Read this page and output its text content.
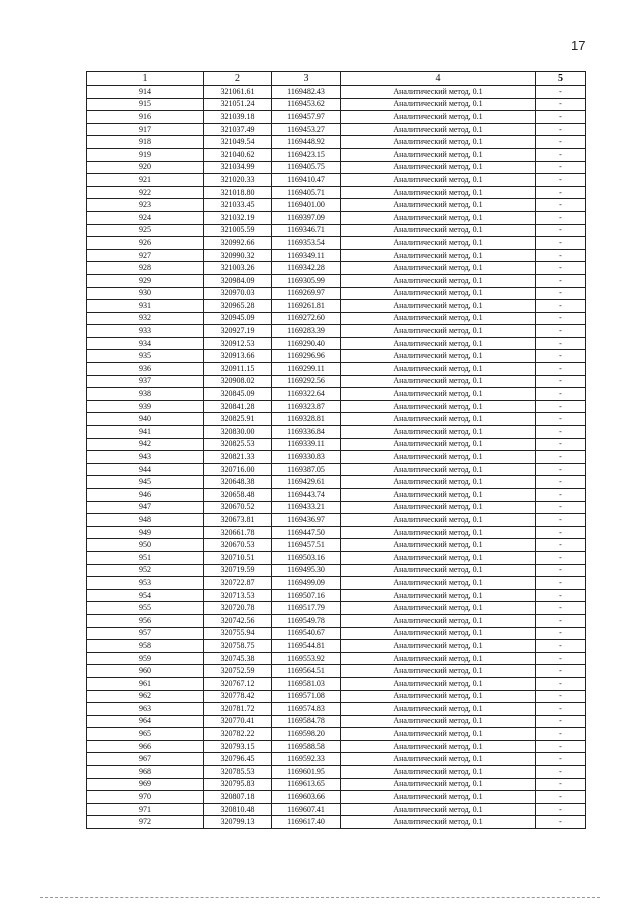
17
1	2	3	4	5
914	321061.61	1169482.43	Аналитический метод, 0.1	-
915	321051.24	1169453.62	Аналитический метод, 0.1	-
916	321039.18	1169457.97	Аналитический метод, 0.1	-
917	321037.49	1169453.27	Аналитический метод, 0.1	-
918	321049.54	1169448.92	Аналитический метод, 0.1	-
919	321040.62	1169423.15	Аналитический метод, 0.1	-
920	321034.99	1169405.75	Аналитический метод, 0.1	-
921	321020.33	1169410.47	Аналитический метод, 0.1	-
922	321018.80	1169405.71	Аналитический метод, 0.1	-
923	321033.45	1169401.00	Аналитический метод, 0.1	-
924	321032.19	1169397.09	Аналитический метод, 0.1	-
925	321005.59	1169346.71	Аналитический метод, 0.1	-
926	320992.66	1169353.54	Аналитический метод, 0.1	-
927	320990.32	1169349.11	Аналитический метод, 0.1	-
928	321003.26	1169342.28	Аналитический метод, 0.1	-
929	320984.09	1169305.99	Аналитический метод, 0.1	-
930	320970.03	1169269.97	Аналитический метод, 0.1	-
931	320965.28	1169261.81	Аналитический метод, 0.1	-
932	320945.09	1169272.60	Аналитический метод, 0.1	-
933	320927.19	1169283.39	Аналитический метод, 0.1	-
934	320912.53	1169290.40	Аналитический метод, 0.1	-
935	320913.66	1169296.96	Аналитический метод, 0.1	-
936	320911.15	1169299.11	Аналитический метод, 0.1	-
937	320908.02	1169292.56	Аналитический метод, 0.1	-
938	320845.09	1169322.64	Аналитический метод, 0.1	-
939	320841.28	1169323.87	Аналитический метод, 0.1	-
940	320825.91	1169328.81	Аналитический метод, 0.1	-
941	320830.00	1169336.84	Аналитический метод, 0.1	-
942	320825.53	1169339.11	Аналитический метод, 0.1	-
943	320821.33	1169330.83	Аналитический метод, 0.1	-
944	320716.00	1169387.05	Аналитический метод, 0.1	-
945	320648.38	1169429.61	Аналитический метод, 0.1	-
946	320658.48	1169443.74	Аналитический метод, 0.1	-
947	320670.52	1169433.21	Аналитический метод, 0.1	-
948	320673.81	1169436.97	Аналитический метод, 0.1	-
949	320661.78	1169447.50	Аналитический метод, 0.1	-
950	320670.53	1169457.51	Аналитический метод, 0.1	-
951	320710.51	1169503.16	Аналитический метод, 0.1	-
952	320719.59	1169495.30	Аналитический метод, 0.1	-
953	320722.87	1169499.09	Аналитический метод, 0.1	-
954	320713.53	1169507.16	Аналитический метод, 0.1	-
955	320720.78	1169517.79	Аналитический метод, 0.1	-
956	320742.56	1169549.78	Аналитический метод, 0.1	-
957	320755.94	1169540.67	Аналитический метод, 0.1	-
958	320758.75	1169544.81	Аналитический метод, 0.1	-
959	320745.38	1169553.92	Аналитический метод, 0.1	-
960	320752.59	1169564.51	Аналитический метод, 0.1	-
961	320767.12	1169581.03	Аналитический метод, 0.1	-
962	320778.42	1169571.08	Аналитический метод, 0.1	-
963	320781.72	1169574.83	Аналитический метод, 0.1	-
964	320770.41	1169584.78	Аналитический метод, 0.1	-
965	320782.22	1169598.20	Аналитический метод, 0.1	-
966	320793.15	1169588.58	Аналитический метод, 0.1	-
967	320796.45	1169592.33	Аналитический метод, 0.1	-
968	320785.53	1169601.95	Аналитический метод, 0.1	-
969	320795.83	1169613.65	Аналитический метод, 0.1	-
970	320807.18	1169603.66	Аналитический метод, 0.1	-
971	320810.48	1169607.41	Аналитический метод, 0.1	-
972	320799.13	1169617.40	Аналитический метод, 0.1	-
